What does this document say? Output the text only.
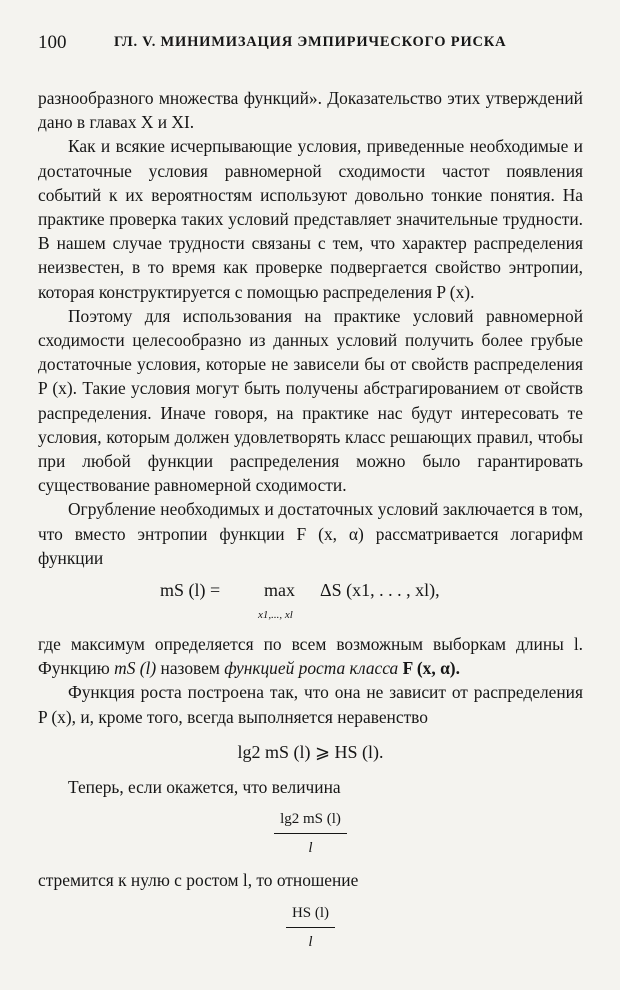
100	ГЛ. V. МИНИМИЗАЦИЯ ЭМПИРИЧЕСКОГО РИСКА

разнообразного множества функций». Доказательство этих утверждений дано в главах X и XI.

Как и всякие исчерпывающие условия, приведенные необходимые и достаточные условия равномерной сходимости частот появления событий к их вероятностям используют довольно тонкие понятия. На практике проверка таких условий представляет значительные трудности. В нашем случае трудности связаны с тем, что характер распределения неизвестен, в то время как проверке подвергается свойство энтропии, которая конструктируется с помощью распределения P (x).

Поэтому для использования на практике условий равномерной сходимости целесообразно из данных условий получить более грубые достаточные условия, которые не зависели бы от свойств распределения P (x). Такие условия могут быть получены абстрагированием от свойств распределения. Иначе говоря, на практике нас будут интересовать те условия, которым должен удовлетворять класс решающих правил, чтобы при любой функции распределения можно было гарантировать существование равномерной сходимости.

Огрубление необходимых и достаточных условий заключается в том, что вместо энтропии функции F (x, α) рассматривается логарифм функции

mS (l) = max
x1,..., xl
ΔS (x1, . . . , xl),

где максимум определяется по всем возможным выборкам длины l. Функцию mS (l) назовем функцией роста класса F (x, α).

Функция роста построена так, что она не зависит от распределения P (x), и, кроме того, всегда выполняется неравенство

lg2 mS (l) ⩾ HS (l).

Теперь, если окажется, что величина

$\frac{\lg 2 mS (l)}{l}$

стремится к нулю с ростом l, то отношение

$\frac{HS (l)}{l}$
